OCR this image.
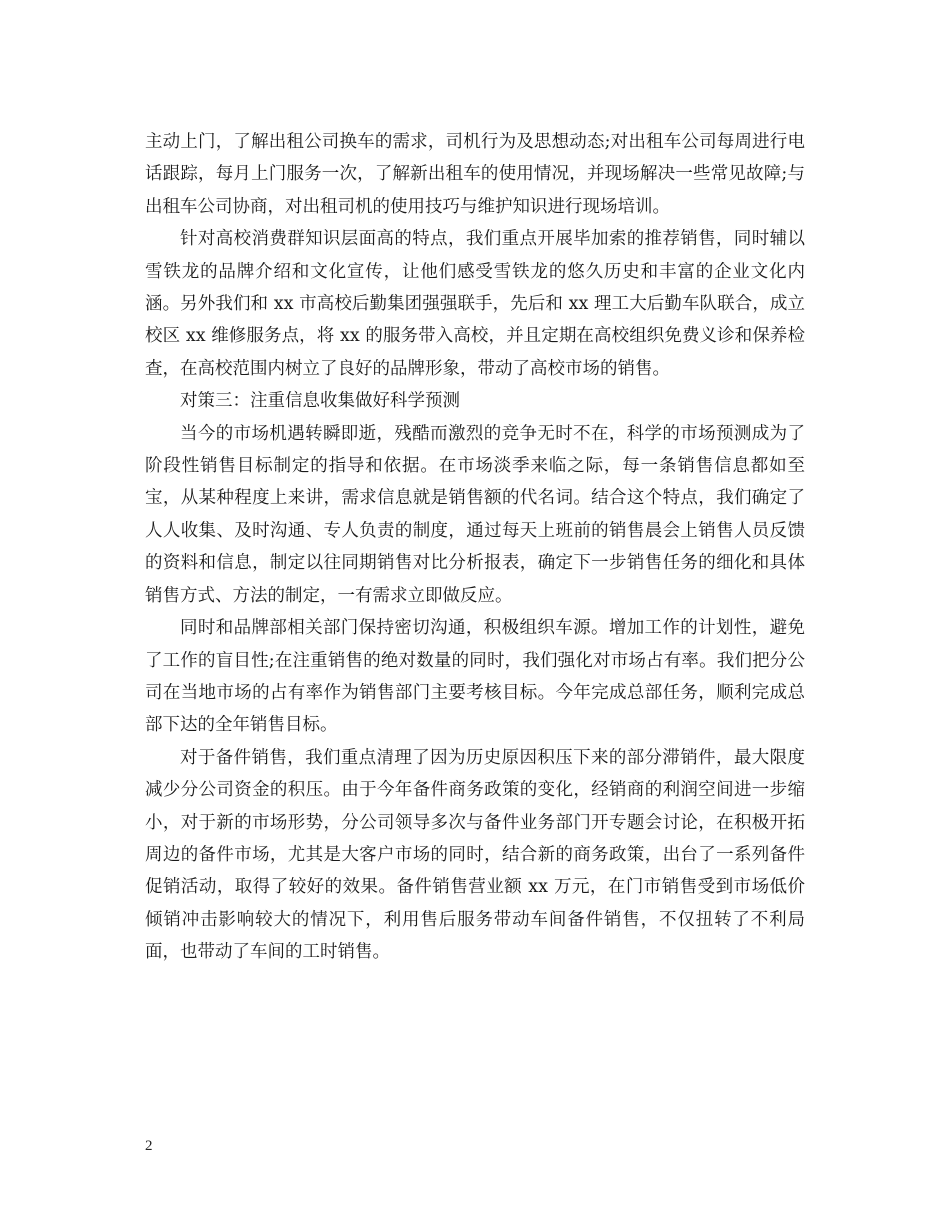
主动上门，了解出租公司换车的需求，司机行为及思想动态;对出租车公司每周进行电话跟踪，每月上门服务一次，了解新出租车的使用情况，并现场解决一些常见故障;与出租车公司协商，对出租司机的使用技巧与维护知识进行现场培训。

针对高校消费群知识层面高的特点，我们重点开展毕加索的推荐销售，同时辅以雪铁龙的品牌介绍和文化宣传，让他们感受雪铁龙的悠久历史和丰富的企业文化内涵。另外我们和 xx 市高校后勤集团强强联手，先后和 xx 理工大后勤车队联合，成立校区 xx 维修服务点，将 xx 的服务带入高校，并且定期在高校组织免费义诊和保养检查，在高校范围内树立了良好的品牌形象，带动了高校市场的销售。

对策三：注重信息收集做好科学预测

当今的市场机遇转瞬即逝，残酷而激烈的竞争无时不在，科学的市场预测成为了阶段性销售目标制定的指导和依据。在市场淡季来临之际，每一条销售信息都如至宝，从某种程度上来讲，需求信息就是销售额的代名词。结合这个特点，我们确定了人人收集、及时沟通、专人负责的制度，通过每天上班前的销售晨会上销售人员反馈的资料和信息，制定以往同期销售对比分析报表，确定下一步销售任务的细化和具体销售方式、方法的制定，一有需求立即做反应。

同时和品牌部相关部门保持密切沟通，积极组织车源。增加工作的计划性，避免了工作的盲目性;在注重销售的绝对数量的同时，我们强化对市场占有率。我们把分公司在当地市场的占有率作为销售部门主要考核目标。今年完成总部任务，顺利完成总部下达的全年销售目标。

对于备件销售，我们重点清理了因为历史原因积压下来的部分滞销件，最大限度减少分公司资金的积压。由于今年备件商务政策的变化，经销商的利润空间进一步缩小，对于新的市场形势，分公司领导多次与备件业务部门开专题会讨论，在积极开拓周边的备件市场，尤其是大客户市场的同时，结合新的商务政策，出台了一系列备件促销活动，取得了较好的效果。备件销售营业额 xx 万元，在门市销售受到市场低价倾销冲击影响较大的情况下，利用售后服务带动车间备件销售，不仅扭转了不利局面，也带动了车间的工时销售。

2
